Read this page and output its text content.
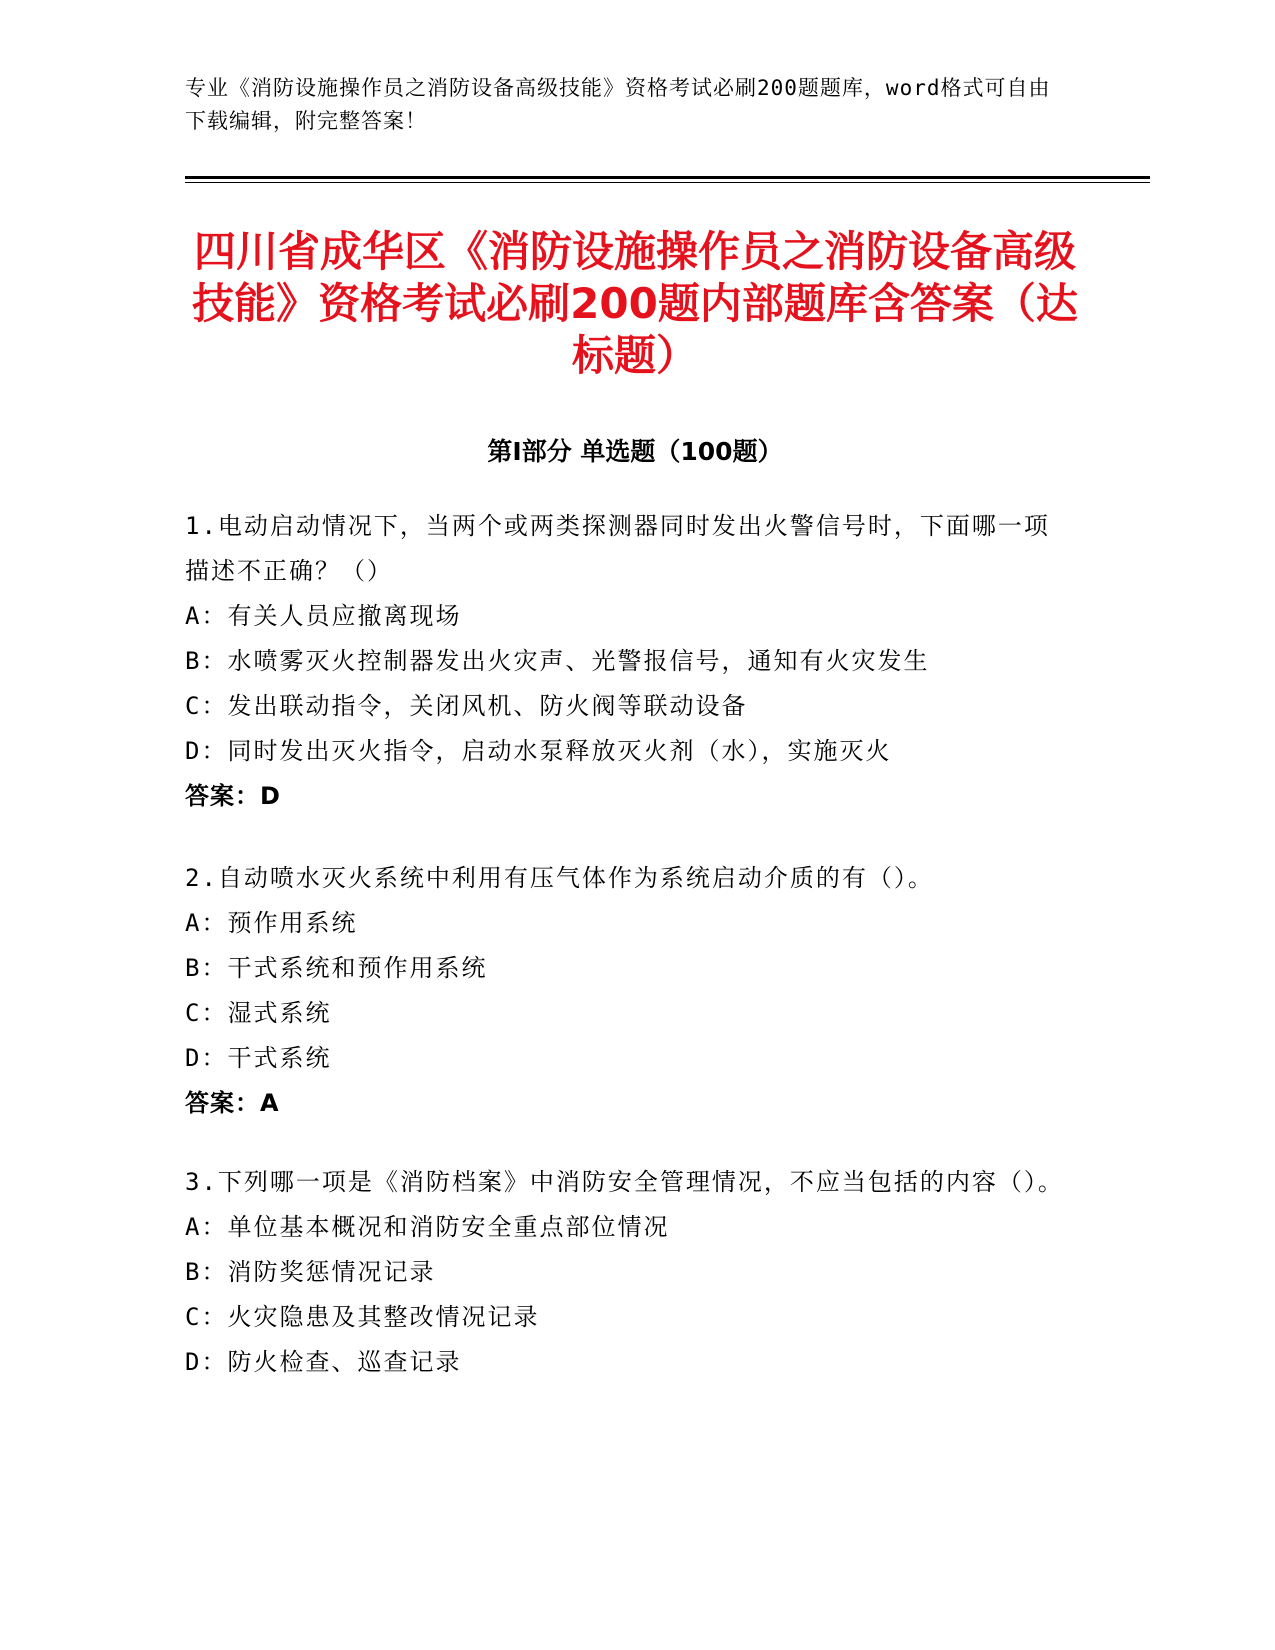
专业《消防设施操作员之消防设备高级技能》资格考试必刷200题题库，word格式可自由下载编辑，附完整答案！
四川省成华区《消防设施操作员之消防设备高级技能》资格考试必刷200题内部题库含答案（达标题）
第Ⅰ部分 单选题（100题）
1.电动启动情况下，当两个或两类探测器同时发出火警信号时，下面哪一项描述不正确？（）
A：有关人员应撤离现场
B：水喷雾灭火控制器发出火灾声、光警报信号，通知有火灾发生
C：发出联动指令，关闭风机、防火阀等联动设备
D：同时发出灭火指令，启动水泵释放灭火剂（水），实施灭火
答案：D
2.自动喷水灭火系统中利用有压气体作为系统启动介质的有（）。
A：预作用系统
B：干式系统和预作用系统
C：湿式系统
D：干式系统
答案：A
3.下列哪一项是《消防档案》中消防安全管理情况，不应当包括的内容（）。
A：单位基本概况和消防安全重点部位情况
B：消防奖惩情况记录
C：火灾隐患及其整改情况记录
D：防火检查、巡查记录
